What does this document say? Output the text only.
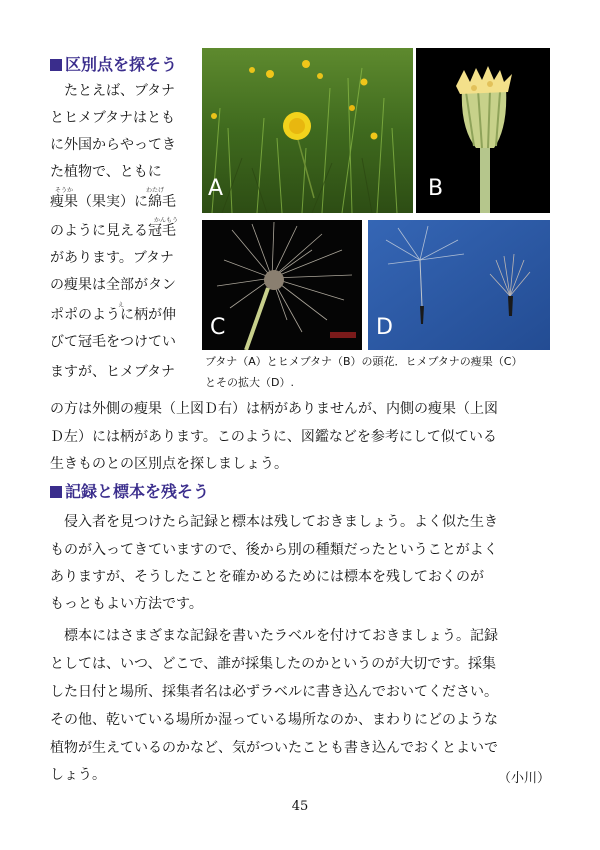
区別点を探そう
たとえば、ブタナ
とヒメブタナはとも
に外国からやってき
た植物で、ともに
そうか	わたげ
瘦果（果実）に綿毛
かんもう
のように見える冠毛
があります。ブタナ
の瘦果は全部がタン
え
ポポのように柄が伸
びて冠毛をつけてい
ますが、ヒメブタナ
A	B
C	D
ブタナ（A）とヒメブタナ（B）の頭花．ヒメブタナの瘦果（C）
とその拡大（D）.
の方は外側の瘦果（上図Ｄ右）は柄がありませんが、内側の瘦果（上図
Ｄ左）には柄があります。このように、図鑑などを参考にして似ている
生きものとの区別点を探しましょう。
記録と標本を残そう
　侵入者を見つけたら記録と標本は残しておきましょう。よく似た生き
ものが入ってきていますので、後から別の種類だったということがよく
ありますが、そうしたことを確かめるためには標本を残しておくのが
もっともよい方法です。
　標本にはさまざまな記録を書いたラベルを付けておきましょう。記録
としては、いつ、どこで、誰が採集したのかというのが大切です。採集
した日付と場所、採集者名は必ずラベルに書き込んでおいてください。
その他、乾いている場所か湿っている場所なのか、まわりにどのような
植物が生えているのかなど、気がついたことも書き込んでおくとよいで
しょう。	（小川）
45
